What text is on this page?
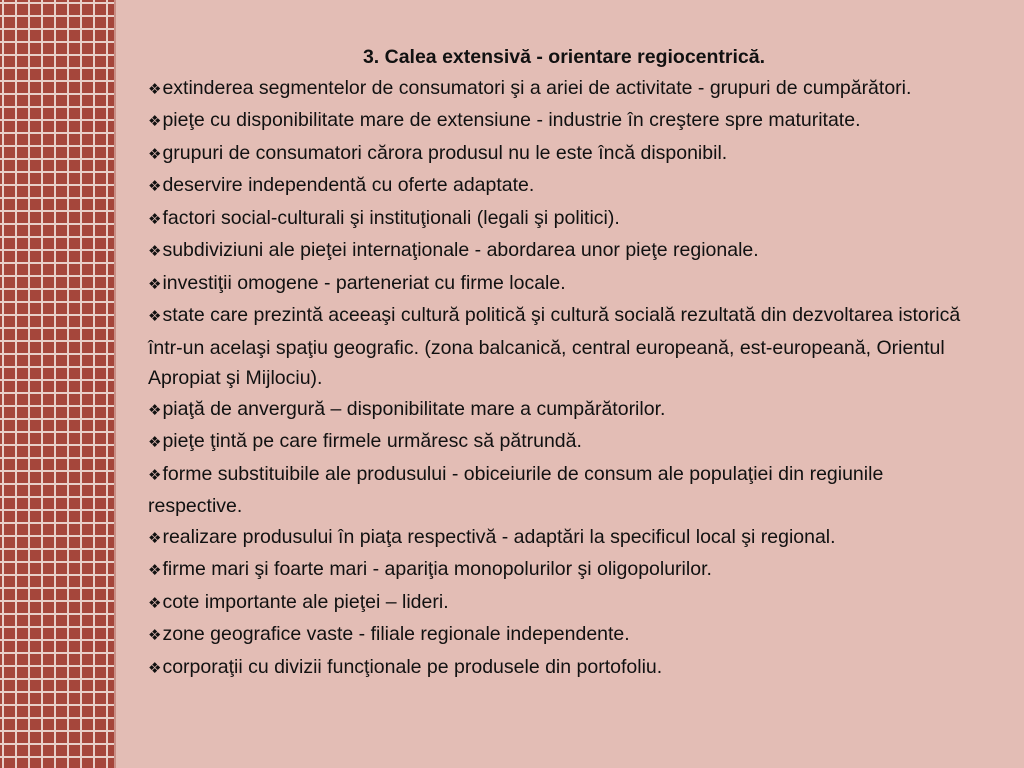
3. Calea extensivă - orientare regiocentrică.
❖extinderea segmentelor de consumatori şi a ariei de activitate - grupuri de cumpărători.
❖pieţe cu disponibilitate mare de extensiune - industrie în creştere spre maturitate.
❖grupuri de consumatori cărora produsul nu le este încă disponibil.
❖deservire independentă cu oferte adaptate.
❖factori social-culturali şi instituţionali (legali şi politici).
❖subdiviziuni ale pieţei internaţionale - abordarea unor pieţe regionale.
❖investiţii omogene - parteneriat cu firme locale.
❖state care prezintă aceeaşi cultură politică şi cultură socială rezultată din dezvoltarea istorică într-un acelaşi spaţiu geografic. (zona balcanică, central europeană, est-europeană, Orientul Apropiat şi Mijlociu).
❖piaţă de anvergură – disponibilitate mare a cumpărătorilor.
❖pieţe ţintă pe care firmele urmăresc să pătrundă.
❖forme substituibile ale produsului - obiceiurile de consum ale populaţiei din regiunile respective.
❖realizare produsului în piaţa respectivă - adaptări la specificul local şi regional.
❖firme mari şi foarte mari - apariţia monopolurilor şi oligopolurilor.
❖cote importante ale pieţei – lideri.
❖zone geografice vaste - filiale regionale independente.
❖corporaţii cu divizii funcţionale pe produsele din portofoliu.
